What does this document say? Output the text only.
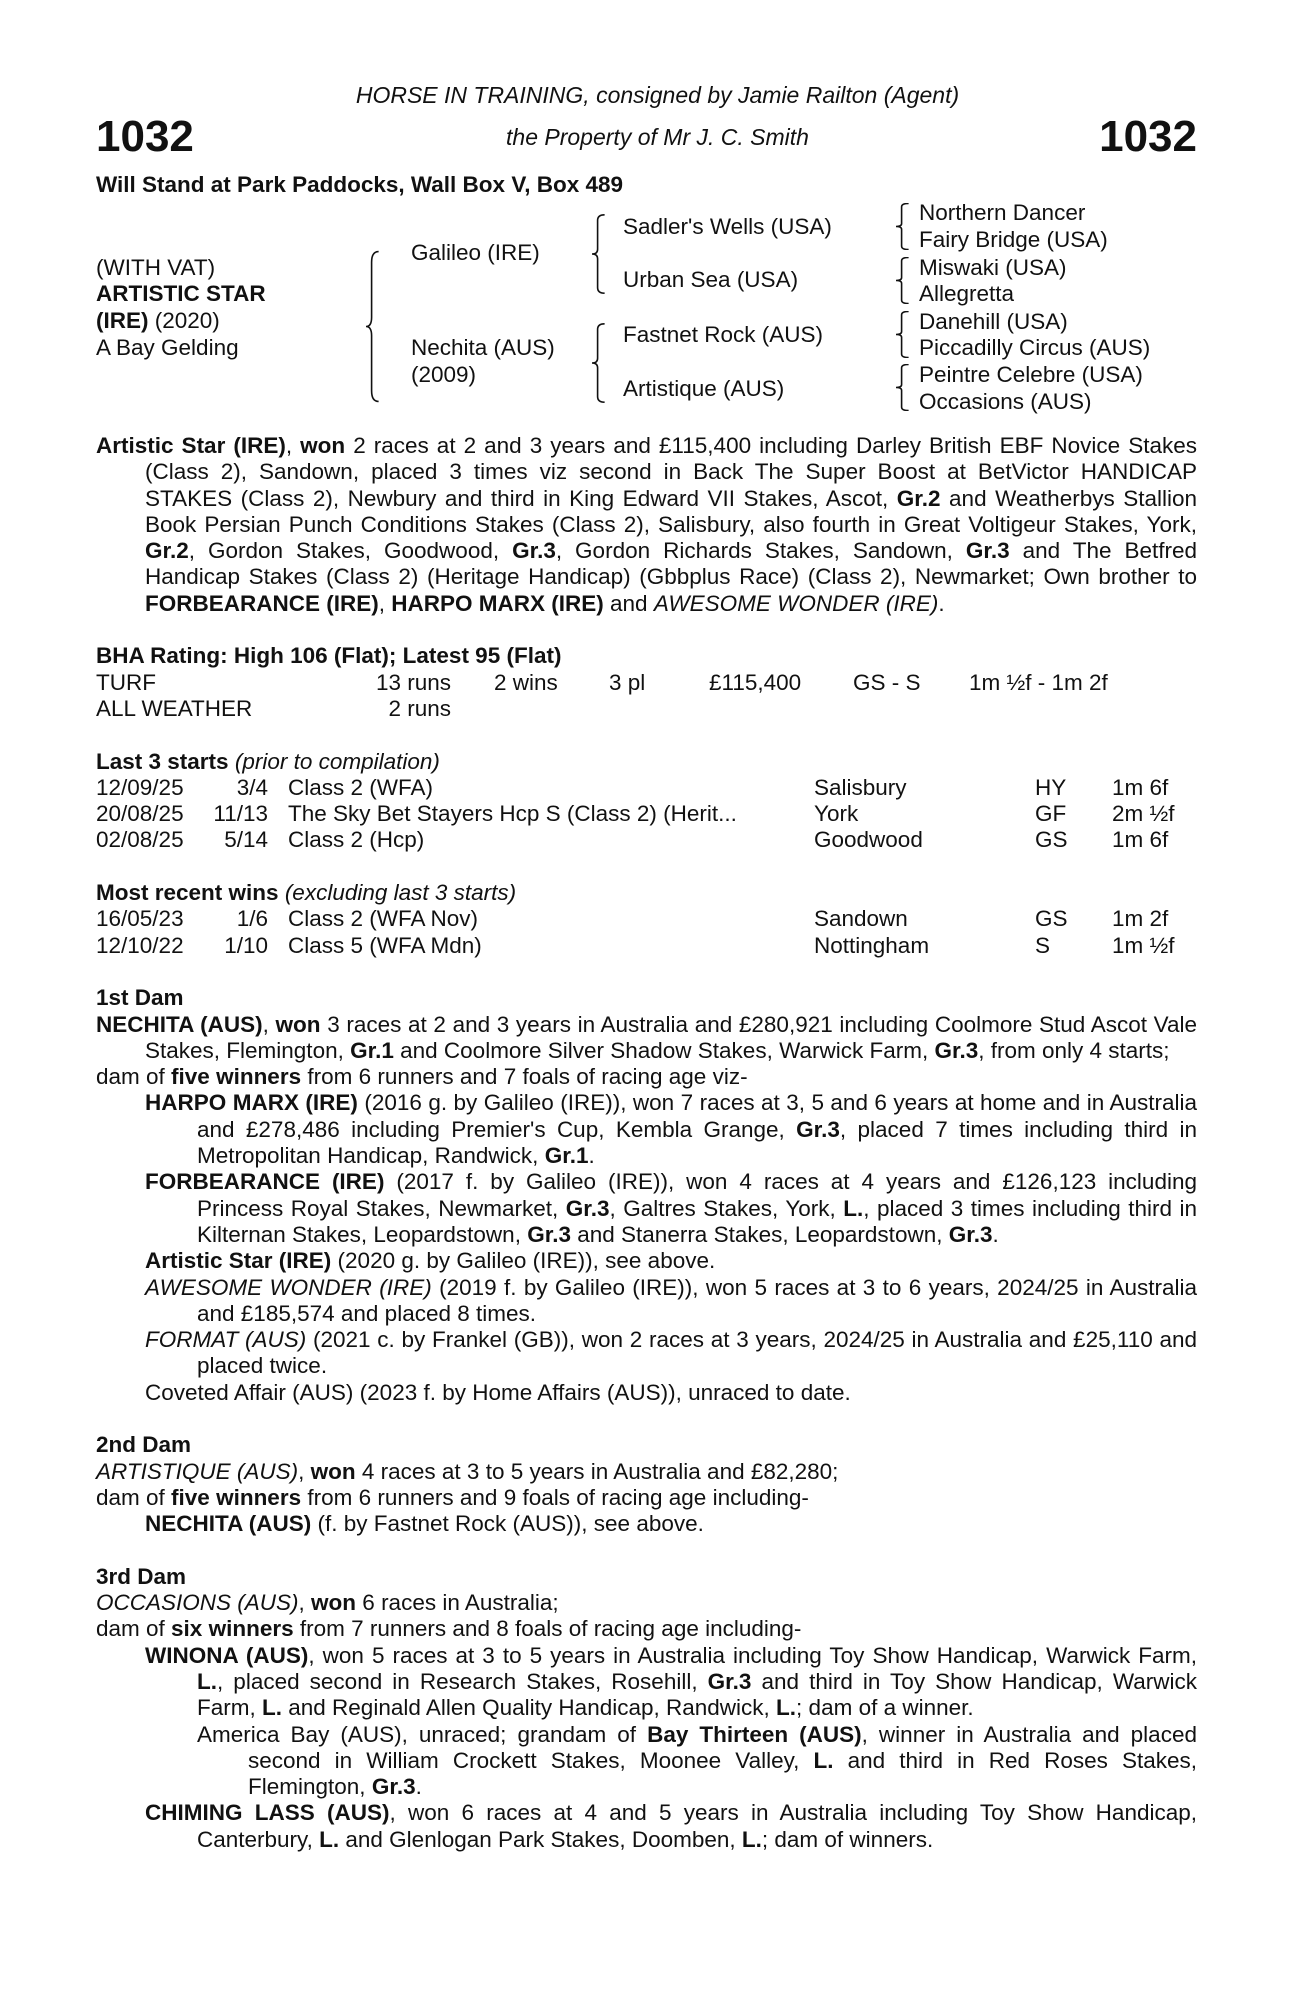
HORSE IN TRAINING, consigned by Jamie Railton (Agent)
the Property of Mr J. C. Smith
1032	1032
Will Stand at Park Paddocks, Wall Box V, Box 489
(WITH VAT)
ARTISTIC STAR
(IRE) (2020)
A Bay Gelding
Galileo (IRE)
Nechita (AUS)
(2009)
Sadler's Wells (USA)
Urban Sea (USA)
Fastnet Rock (AUS)
Artistique (AUS)
Northern Dancer
Fairy Bridge (USA)
Miswaki (USA)
Allegretta
Danehill (USA)
Piccadilly Circus (AUS)
Peintre Celebre (USA)
Occasions (AUS)
Artistic Star (IRE), won 2 races at 2 and 3 years and £115,400 including Darley British EBF Novice Stakes (Class 2), Sandown, placed 3 times viz second in Back The Super Boost at BetVictor HANDICAP STAKES (Class 2), Newbury and third in King Edward VII Stakes, Ascot, Gr.2 and Weatherbys Stallion Book Persian Punch Conditions Stakes (Class 2), Salisbury, also fourth in Great Voltigeur Stakes, York, Gr.2, Gordon Stakes, Goodwood, Gr.3, Gordon Richards Stakes, Sandown, Gr.3 and The Betfred Handicap Stakes (Class 2) (Heritage Handicap) (Gbbplus Race) (Class 2), Newmarket; Own brother to FORBEARANCE (IRE), HARPO MARX (IRE) and AWESOME WONDER (IRE).
BHA Rating: High 106 (Flat); Latest 95 (Flat)
TURF	13 runs 2 wins 3 pl	£115,400 GS - S 1m ½f - 1m 2f
ALL WEATHER	2 runs
Last 3 starts (prior to compilation)
12/09/25 3/4 Class 2 (WFA)	Salisbury	HY 1m 6f
20/08/25 11/13 The Sky Bet Stayers Hcp S (Class 2) (Herit...	York	GF 2m ½f
02/08/25 5/14 Class 2 (Hcp)	Goodwood	GS 1m 6f
Most recent wins (excluding last 3 starts)
16/05/23 1/6 Class 2 (WFA Nov)	Sandown	GS 1m 2f
12/10/22 1/10 Class 5 (WFA Mdn)	Nottingham	S	1m ½f
1st Dam
NECHITA (AUS), won 3 races at 2 and 3 years in Australia and £280,921 including Coolmore Stud Ascot Vale Stakes, Flemington, Gr.1 and Coolmore Silver Shadow Stakes, Warwick Farm, Gr.3, from only 4 starts;
dam of five winners from 6 runners and 7 foals of racing age viz-
HARPO MARX (IRE) (2016 g. by Galileo (IRE)), won 7 races at 3, 5 and 6 years at home and in Australia and £278,486 including Premier's Cup, Kembla Grange, Gr.3, placed 7 times including third in Metropolitan Handicap, Randwick, Gr.1.
FORBEARANCE (IRE) (2017 f. by Galileo (IRE)), won 4 races at 4 years and £126,123 including Princess Royal Stakes, Newmarket, Gr.3, Galtres Stakes, York, L., placed 3 times including third in Kilternan Stakes, Leopardstown, Gr.3 and Stanerra Stakes, Leopardstown, Gr.3.
Artistic Star (IRE) (2020 g. by Galileo (IRE)), see above.
AWESOME WONDER (IRE) (2019 f. by Galileo (IRE)), won 5 races at 3 to 6 years, 2024/25 in Australia and £185,574 and placed 8 times.
FORMAT (AUS) (2021 c. by Frankel (GB)), won 2 races at 3 years, 2024/25 in Australia and £25,110 and placed twice.
Coveted Affair (AUS) (2023 f. by Home Affairs (AUS)), unraced to date.
2nd Dam
ARTISTIQUE (AUS), won 4 races at 3 to 5 years in Australia and £82,280;
dam of five winners from 6 runners and 9 foals of racing age including-
NECHITA (AUS) (f. by Fastnet Rock (AUS)), see above.
3rd Dam
OCCASIONS (AUS), won 6 races in Australia;
dam of six winners from 7 runners and 8 foals of racing age including-
WINONA (AUS), won 5 races at 3 to 5 years in Australia including Toy Show Handicap, Warwick Farm, L., placed second in Research Stakes, Rosehill, Gr.3 and third in Toy Show Handicap, Warwick Farm, L. and Reginald Allen Quality Handicap, Randwick, L.; dam of a winner.
America Bay (AUS), unraced; grandam of Bay Thirteen (AUS), winner in Australia and placed second in William Crockett Stakes, Moonee Valley, L. and third in Red Roses Stakes, Flemington, Gr.3.
CHIMING LASS (AUS), won 6 races at 4 and 5 years in Australia including Toy Show Handicap, Canterbury, L. and Glenlogan Park Stakes, Doomben, L.; dam of winners.
